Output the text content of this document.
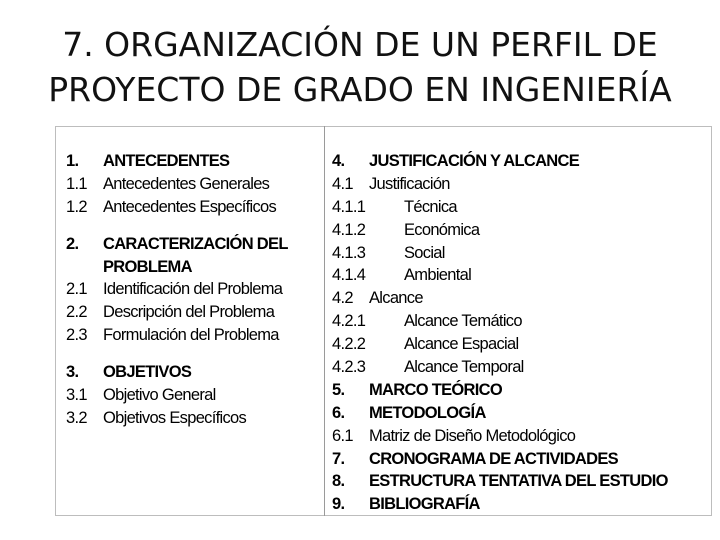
7. ORGANIZACIÓN DE UN PERFIL DE
PROYECTO DE GRADO EN INGENIERÍA
1. ANTECEDENTES
1.1 Antecedentes Generales
1.2 Antecedentes Específicos
2. CARACTERIZACIÓN DEL
PROBLEMA
2.1 Identificación del Problema
2.2 Descripción del Problema
2.3 Formulación del Problema
3. OBJETIVOS
3.1 Objetivo General
3.2 Objetivos Específicos
4. JUSTIFICACIÓN Y ALCANCE
4.1 Justificación
4.1.1 Técnica
4.1.2 Económica
4.1.3 Social
4.1.4 Ambiental
4.2 Alcance
4.2.1 Alcance Temático
4.2.2 Alcance Espacial
4.2.3 Alcance Temporal
5. MARCO TEÓRICO
6. METODOLOGÍA
6.1 Matriz de Diseño Metodológico
7. CRONOGRAMA DE ACTIVIDADES
8. ESTRUCTURA TENTATIVA DEL ESTUDIO
9. BIBLIOGRAFÍA
